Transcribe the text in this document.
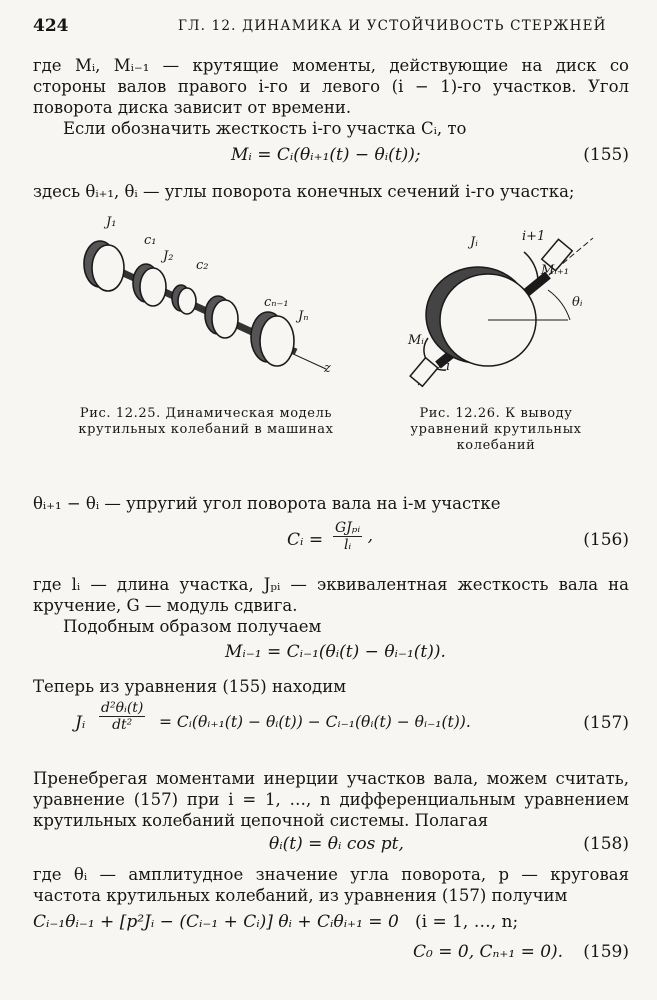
424	ГЛ. 12. ДИНАМИКА И УСТОЙЧИВОСТЬ СТЕРЖНЕЙ
где Mᵢ, Mᵢ₋₁ — крутящие моменты, действующие на диск со стороны валов правого i-го и левого (i − 1)-го участков. Угол поворота диска зависит от времени.
Если обозначить жесткость i-го участка Cᵢ, то
Mᵢ = Cᵢ(θᵢ₊₁(t) − θᵢ(t));	(155)
здесь θᵢ₊₁, θᵢ — углы поворота конечных сечений i-го участка;
J₁
c₁
J₂
c₂
cₙ₋₁
Jₙ
z
Jᵢ	i+1
Mᵢ₊₁
θᵢ
Mᵢ
i
Рис. 12.25. Динамическая модель крутильных колебаний в машинах
Рис. 12.26. К выводу уравнений крутильных колебаний
θᵢ₊₁ − θᵢ — упругий угол поворота вала на i-м участке
Cᵢ = $\frac{\text{GJₚᵢ}}{\text{lᵢ}}$ ,	(156)
где lᵢ — длина участка, Jₚᵢ — эквивалентная жесткость вала на кручение, G — модуль сдвига.
Подобным образом получаем
Mᵢ₋₁ = Cᵢ₋₁(θᵢ(t) − θᵢ₋₁(t)).
Теперь из уравнения (155) находим
Jᵢ $\frac{\text{d²θᵢ(t)}}{\text{dt²}}$ = Cᵢ(θᵢ₊₁(t) − θᵢ(t)) − Cᵢ₋₁(θᵢ(t) − θᵢ₋₁(t)).	(157)
Пренебрегая моментами инерции участков вала, можем считать, уравнение (157) при i = 1, …, n дифференциальным уравнением крутильных колебаний цепочной системы. Полагая
θᵢ(t) = θᵢ cos pt,	(158)
где θᵢ — амплитудное значение угла поворота, p — круговая частота крутильных колебаний, из уравнения (157) получим
Cᵢ₋₁θᵢ₋₁ + [p²Jᵢ − (Cᵢ₋₁ + Cᵢ)] θᵢ + Cᵢθᵢ₊₁ = 0 (i = 1, …, n;
C₀ = 0, Cₙ₊₁ = 0). (159)
